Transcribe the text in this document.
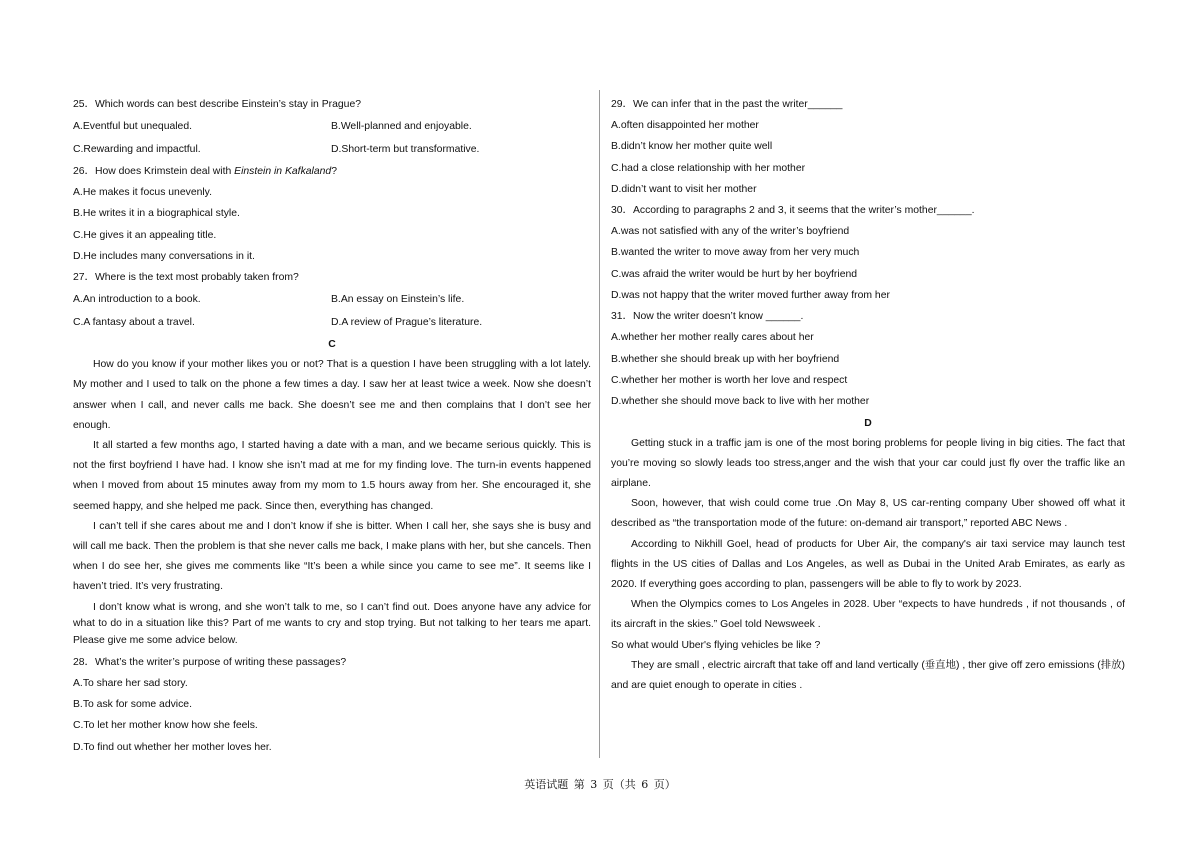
25．Which words can best describe Einstein’s stay in Prague?
A.Eventful but unequaled.	B.Well-planned and enjoyable.
C.Rewarding and impactful.	D.Short-term but transformative.
26．How does Krimstein deal with Einstein in Kafkaland?
A.He makes it focus unevenly.
B.He writes it in a biographical style.
C.He gives it an appealing title.
D.He includes many conversations in it.
27．Where is the text most probably taken from?
A.An introduction to a book.	B.An essay on Einstein’s life.
C.A fantasy about a travel.	D.A review of Prague’s literature.
C
How do you know if your mother likes you or not? That is a question I have been struggling with a lot lately. My mother and I used to talk on the phone a few times a day. I saw her at least twice a week. Now she doesn’t answer when I call, and never calls me back. She doesn’t see me and then complains that I don’t see her enough.
It all started a few months ago, I started having a date with a man, and we became serious quickly. This is not the first boyfriend I have had. I know she isn’t mad at me for my finding love. The turn-in events happened when I moved from about 15 minutes away from my mom to 1.5 hours away from her. She encouraged it, she seemed happy, and she helped me pack. Since then, everything has changed.
I can’t tell if she cares about me and I don’t know if she is bitter. When I call her, she says she is busy and will call me back. Then the problem is that she never calls me back, I make plans with her, but she cancels. Then when I do see her, she gives me comments like “It’s been a while since you came to see me”. It seems like I haven’t tried. It’s very frustrating.
I don’t know what is wrong, and she won’t talk to me, so I can’t find out. Does anyone have any advice for what to do in a situation like this? Part of me wants to cry and stop trying. But not talking to her tears me apart. Please give me some advice below.
28．What’s the writer’s purpose of writing these passages?
A.To share her sad story.
B.To ask for some advice.
C.To let her mother know how she feels.
D.To find out whether her mother loves her.
29．We can infer that in the past the writer______
A.often disappointed her mother
B.didn’t know her mother quite well
C.had a close relationship with her mother
D.didn’t want to visit her mother
30．According to paragraphs 2 and 3, it seems that the writer’s mother______.
A.was not satisfied with any of the writer’s boyfriend
B.wanted the writer to move away from her very much
C.was afraid the writer would be hurt by her boyfriend
D.was not happy that the writer moved further away from her
31．Now the writer doesn’t know ______.
A.whether her mother really cares about her
B.whether she should break up with her boyfriend
C.whether her mother is worth her love and respect
D.whether she should move back to live with her mother
D
Getting stuck in a traffic jam is one of the most boring problems for people living in big cities. The fact that you’re moving so slowly leads too stress,anger and the wish that your car could just fly over the traffic like an airplane.
Soon, however, that wish could come true .On May 8, US car-renting company Uber showed off what it described as “the transportation mode of the future: on-demand air transport,” reported ABC News .
According to Nikhill Goel, head of products for Uber Air, the company's air taxi service may launch test flights in the US cities of Dallas and Los Angeles, as well as Dubai in the United Arab Emirates, as early as 2020. If everything goes according to plan, passengers will be able to fly to work by 2023.
When the Olympics comes to Los Angeles in 2028. Uber “expects to have hundreds , if not thousands , of its aircraft in the skies.” Goel told Newsweek .
So what would Uber's flying vehicles be like ?
They are small , electric aircraft that take off and land vertically (垂直地) , ther give off zero emissions (排放) and are quiet enough to operate in cities .
英语试题 第 3 页（共 6 页）
